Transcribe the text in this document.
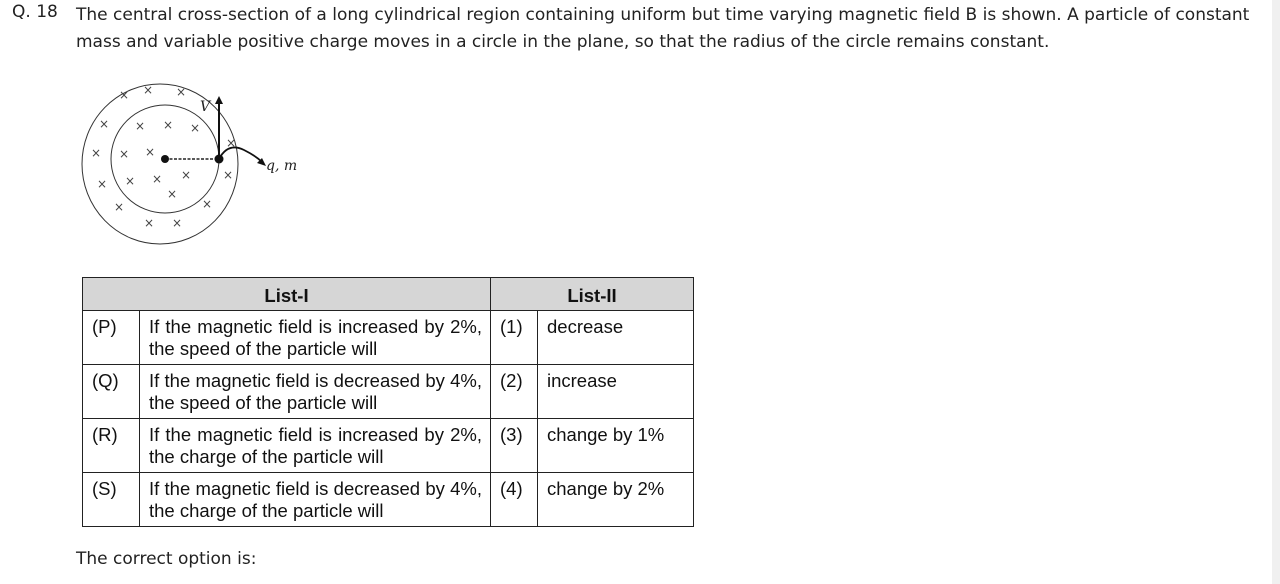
Q. 18 The central cross-section of a long cylindrical region containing uniform but time varying magnetic field B is shown. A particle of constant mass and variable positive charge moves in a circle in the plane, so that the radius of the circle remains constant.
× × ×
× × × ×
× × ×
× × × ×	×
×
×
×
×
× ×
V
q, m
List-I		List-II	
(P)	If the magnetic field is increased by 2%, the speed of the particle will	(1)	decrease
(Q)	If the magnetic field is decreased by 4%, the speed of the particle will	(2)	increase
(R)	If the magnetic field is increased by 2%, the charge of the particle will	(3)	change by 1%
(S)	If the magnetic field is decreased by 4%, the charge of the particle will	(4)	change by 2%
The correct option is:
